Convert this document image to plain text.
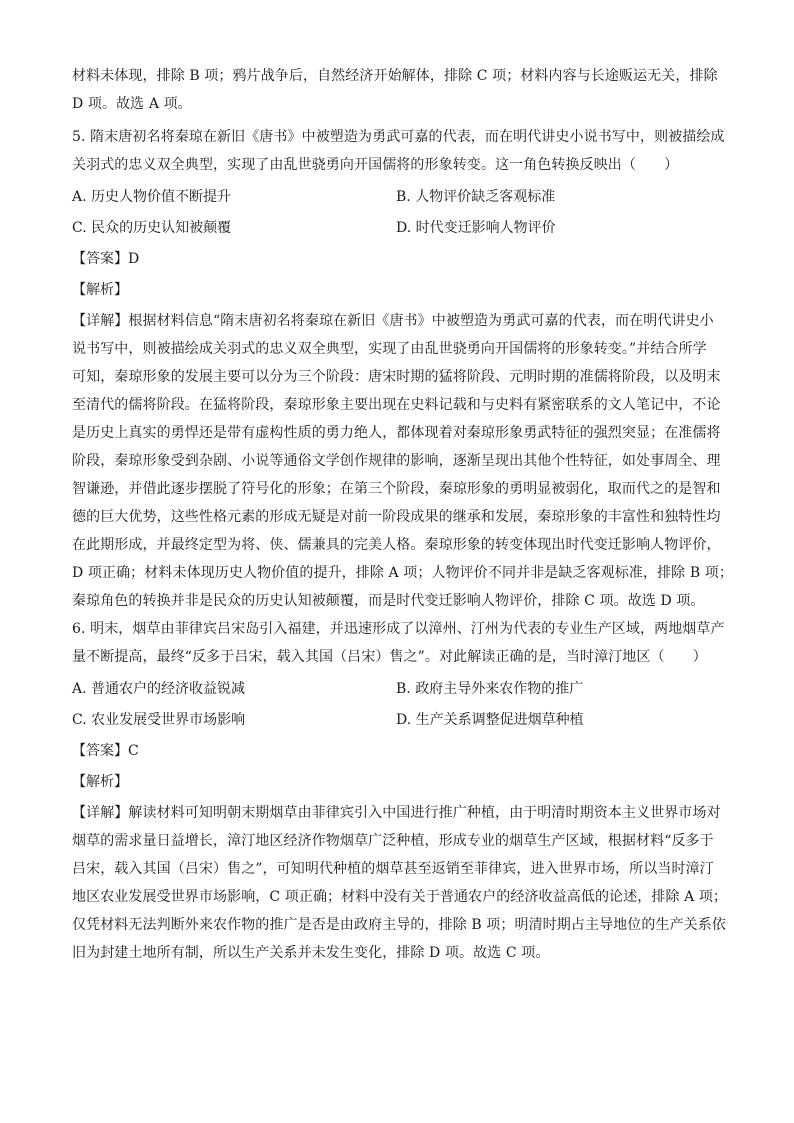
材料未体现，排除 B 项；鸦片战争后，自然经济开始解体，排除 C 项；材料内容与长途贩运无关，排除
D 项。故选 A 项。
5. 隋末唐初名将秦琼在新旧《唐书》中被塑造为勇武可嘉的代表，而在明代讲史小说书写中，则被描绘成
关羽式的忠义双全典型，实现了由乱世骁勇向开国儒将的形象转变。这一角色转换反映出（　　）
A. 历史人物价值不断提升	B. 人物评价缺乏客观标准
C. 民众的历史认知被颠覆	D. 时代变迁影响人物评价
【答案】D
【解析】
【详解】根据材料信息“隋末唐初名将秦琼在新旧《唐书》中被塑造为勇武可嘉的代表，而在明代讲史小
说书写中，则被描绘成关羽式的忠义双全典型，实现了由乱世骁勇向开国儒将的形象转变。”并结合所学
可知，秦琼形象的发展主要可以分为三个阶段：唐宋时期的猛将阶段、元明时期的准儒将阶段，以及明末
至清代的儒将阶段。在猛将阶段，秦琼形象主要出现在史料记载和与史料有紧密联系的文人笔记中，不论
是历史上真实的勇悍还是带有虚构性质的勇力绝人，都体现着对秦琼形象勇武特征的强烈突显；在准儒将
阶段，秦琼形象受到杂剧、小说等通俗文学创作规律的影响，逐渐呈现出其他个性特征，如处事周全、理
智谦逊，并借此逐步摆脱了符号化的形象；在第三个阶段，秦琼形象的勇明显被弱化，取而代之的是智和
德的巨大优势，这些性格元素的形成无疑是对前一阶段成果的继承和发展，秦琼形象的丰富性和独特性均
在此期形成，并最终定型为将、侠、儒兼具的完美人格。秦琼形象的转变体现出时代变迁影响人物评价，
D 项正确；材料未体现历史人物价值的提升，排除 A 项；人物评价不同并非是缺乏客观标准，排除 B 项；
秦琼角色的转换并非是民众的历史认知被颠覆，而是时代变迁影响人物评价，排除 C 项。故选 D 项。
6. 明末，烟草由菲律宾吕宋岛引入福建，并迅速形成了以漳州、汀州为代表的专业生产区域，两地烟草产
量不断提高，最终“反多于吕宋，载入其国（吕宋）售之”。对此解读正确的是，当时漳汀地区（　　）
A. 普通农户的经济收益锐减	B. 政府主导外来农作物的推广
C. 农业发展受世界市场影响	D. 生产关系调整促进烟草种植
【答案】C
【解析】
【详解】解读材料可知明朝末期烟草由菲律宾引入中国进行推广种植，由于明清时期资本主义世界市场对
烟草的需求量日益增长，漳汀地区经济作物烟草广泛种植，形成专业的烟草生产区域，根据材料“反多于
吕宋，载入其国（吕宋）售之”，可知明代种植的烟草甚至返销至菲律宾，进入世界市场，所以当时漳汀
地区农业发展受世界市场影响，C 项正确；材料中没有关于普通农户的经济收益高低的论述，排除 A 项；
仅凭材料无法判断外来农作物的推广是否是由政府主导的，排除 B 项；明清时期占主导地位的生产关系依
旧为封建土地所有制，所以生产关系并未发生变化，排除 D 项。故选 C 项。
